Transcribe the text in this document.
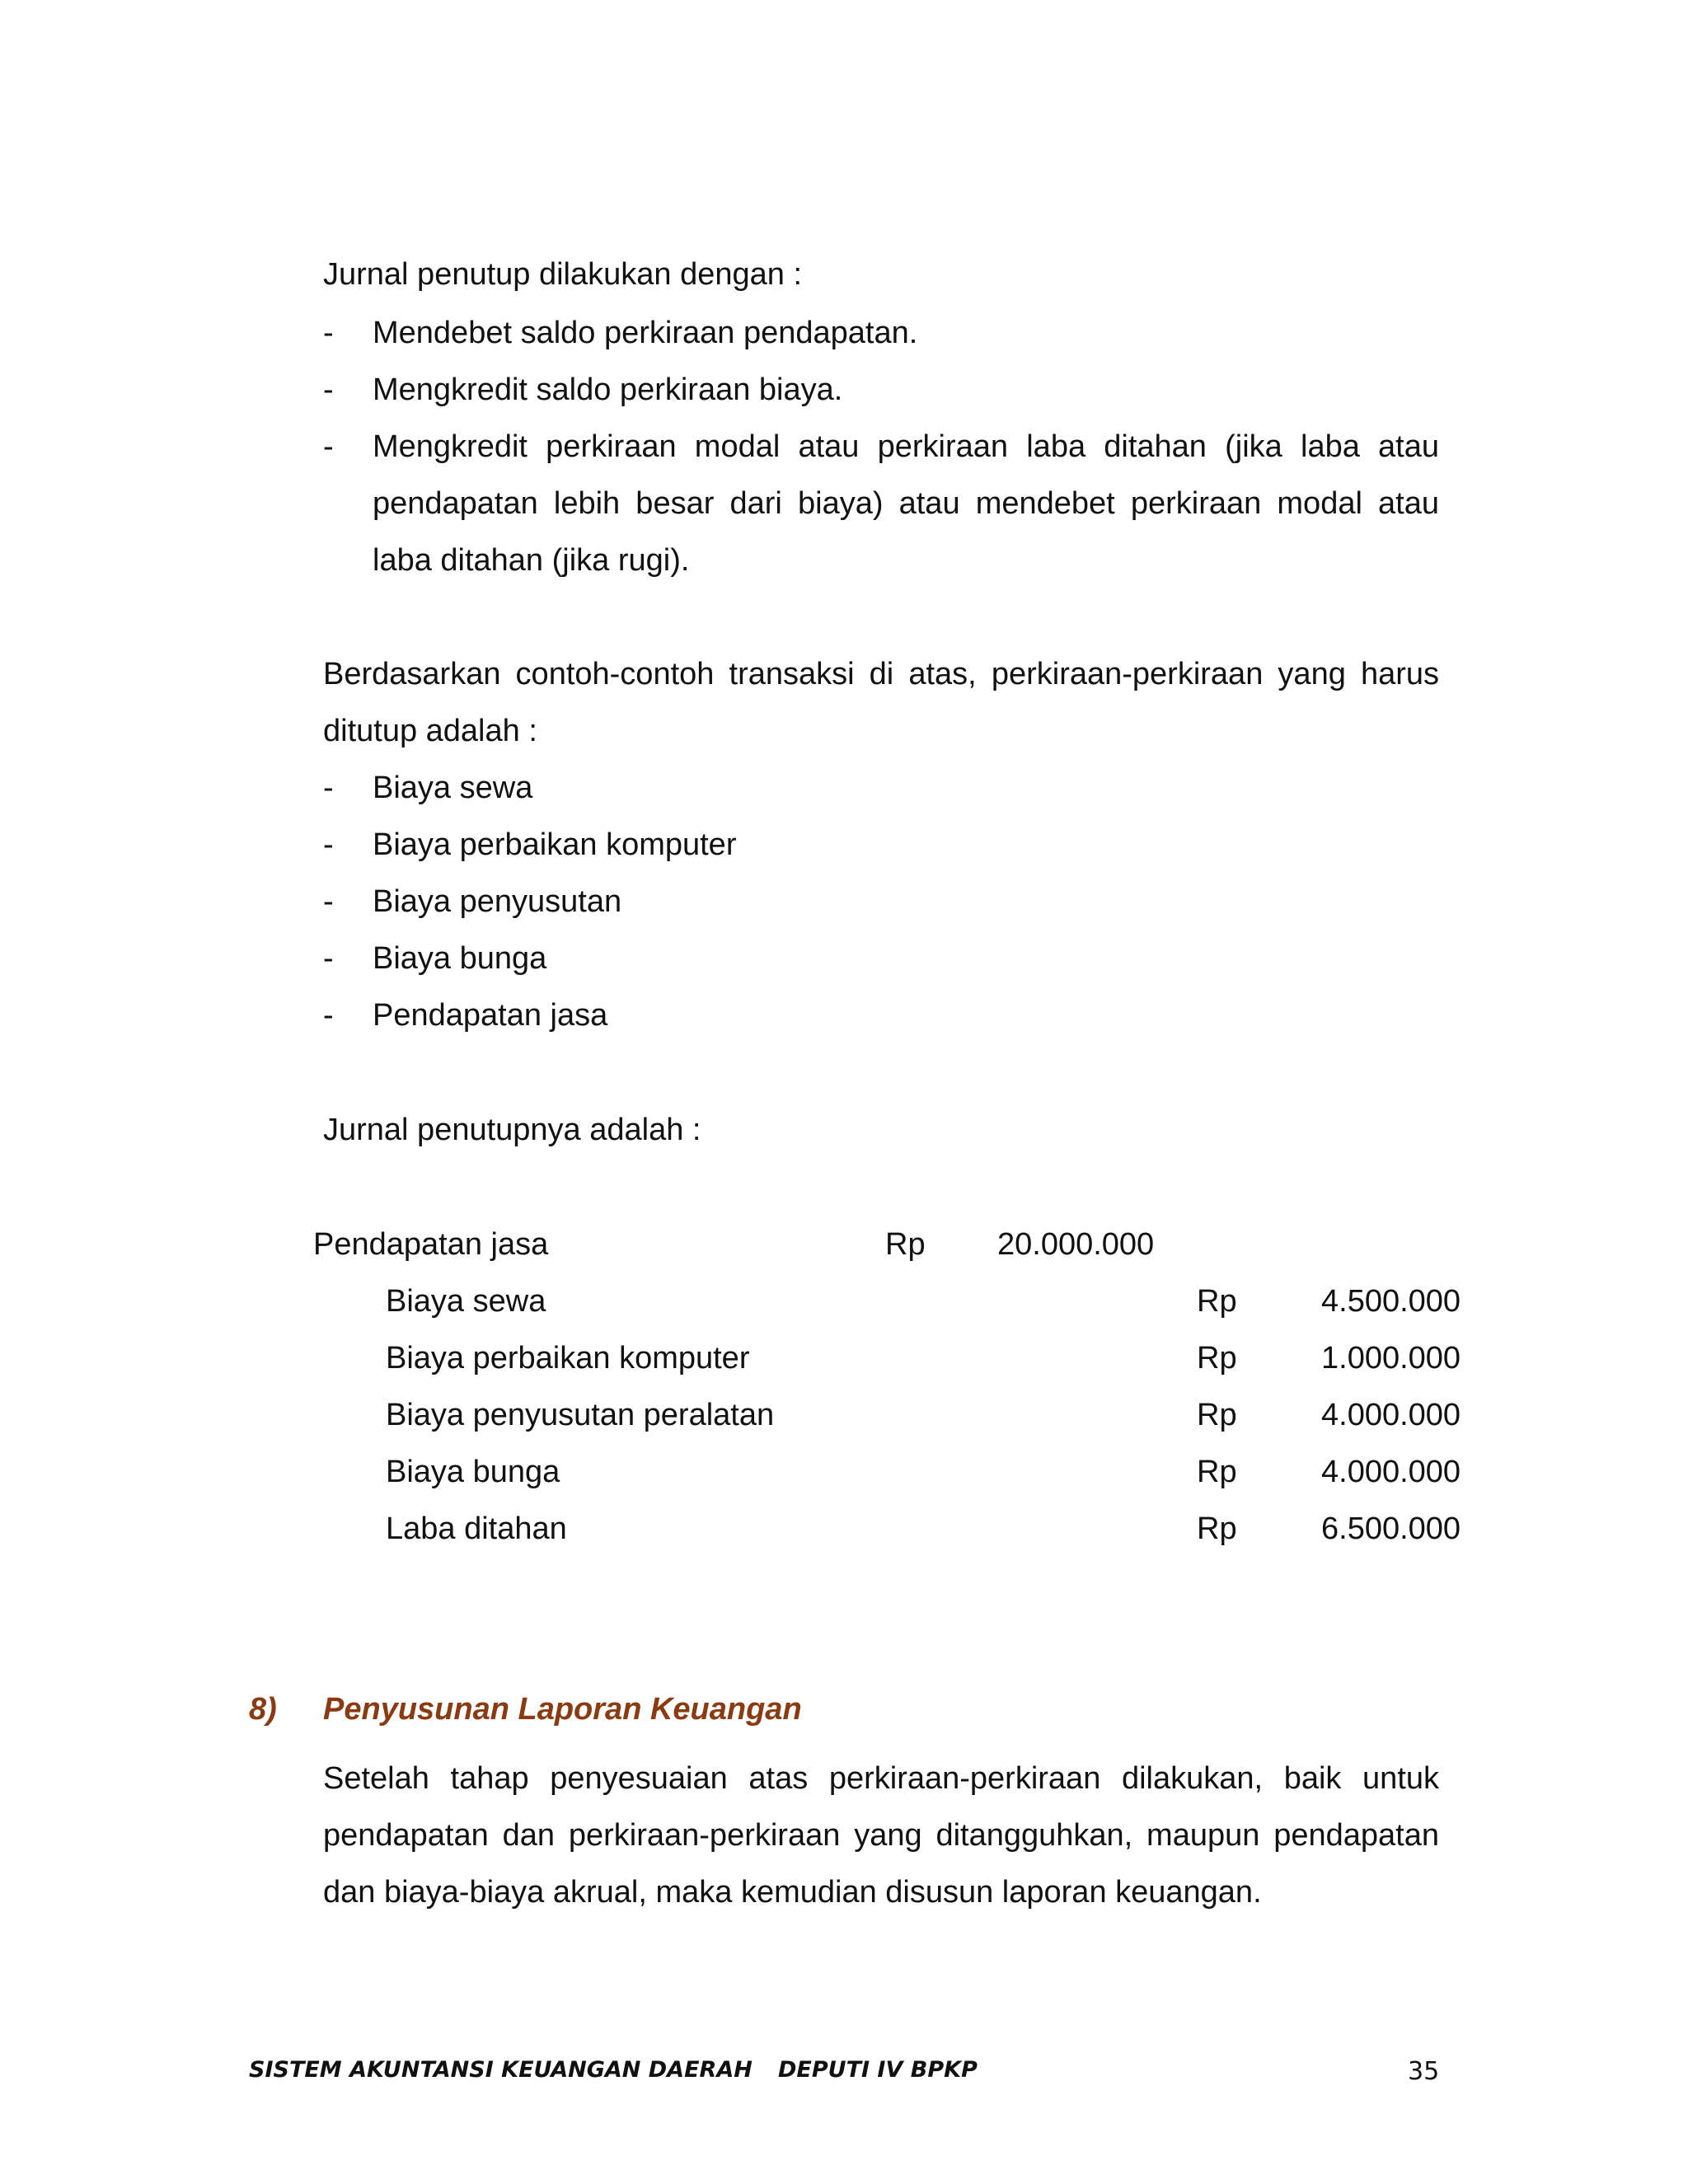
Jurnal penutup dilakukan dengan :
-	Mendebet saldo perkiraan pendapatan.
-	Mengkredit saldo perkiraan biaya.
-	Mengkredit perkiraan modal atau perkiraan laba ditahan (jika laba atau pendapatan lebih besar dari biaya) atau mendebet perkiraan modal atau laba ditahan (jika rugi).
Berdasarkan contoh-contoh transaksi di atas, perkiraan-perkiraan yang harus ditutup adalah :
-	Biaya sewa
-	Biaya perbaikan komputer
-	Biaya penyusutan
-	Biaya bunga
-	Pendapatan jasa
Jurnal penutupnya adalah :
Pendapatan jasa	Rp 20.000.000
Biaya sewa	Rp	4.500.000
Biaya perbaikan komputer	Rp	1.000.000
Biaya penyusutan peralatan	Rp	4.000.000
Biaya bunga	Rp	4.000.000
Laba ditahan	Rp	6.500.000
8) Penyusunan Laporan Keuangan
Setelah tahap penyesuaian atas perkiraan-perkiraan dilakukan, baik untuk pendapatan dan perkiraan-perkiraan yang ditangguhkan, maupun pendapatan dan biaya-biaya akrual, maka kemudian disusun laporan keuangan.
SISTEM AKUNTANSI KEUANGAN DAERAH DEPUTI IV BPKP	35
